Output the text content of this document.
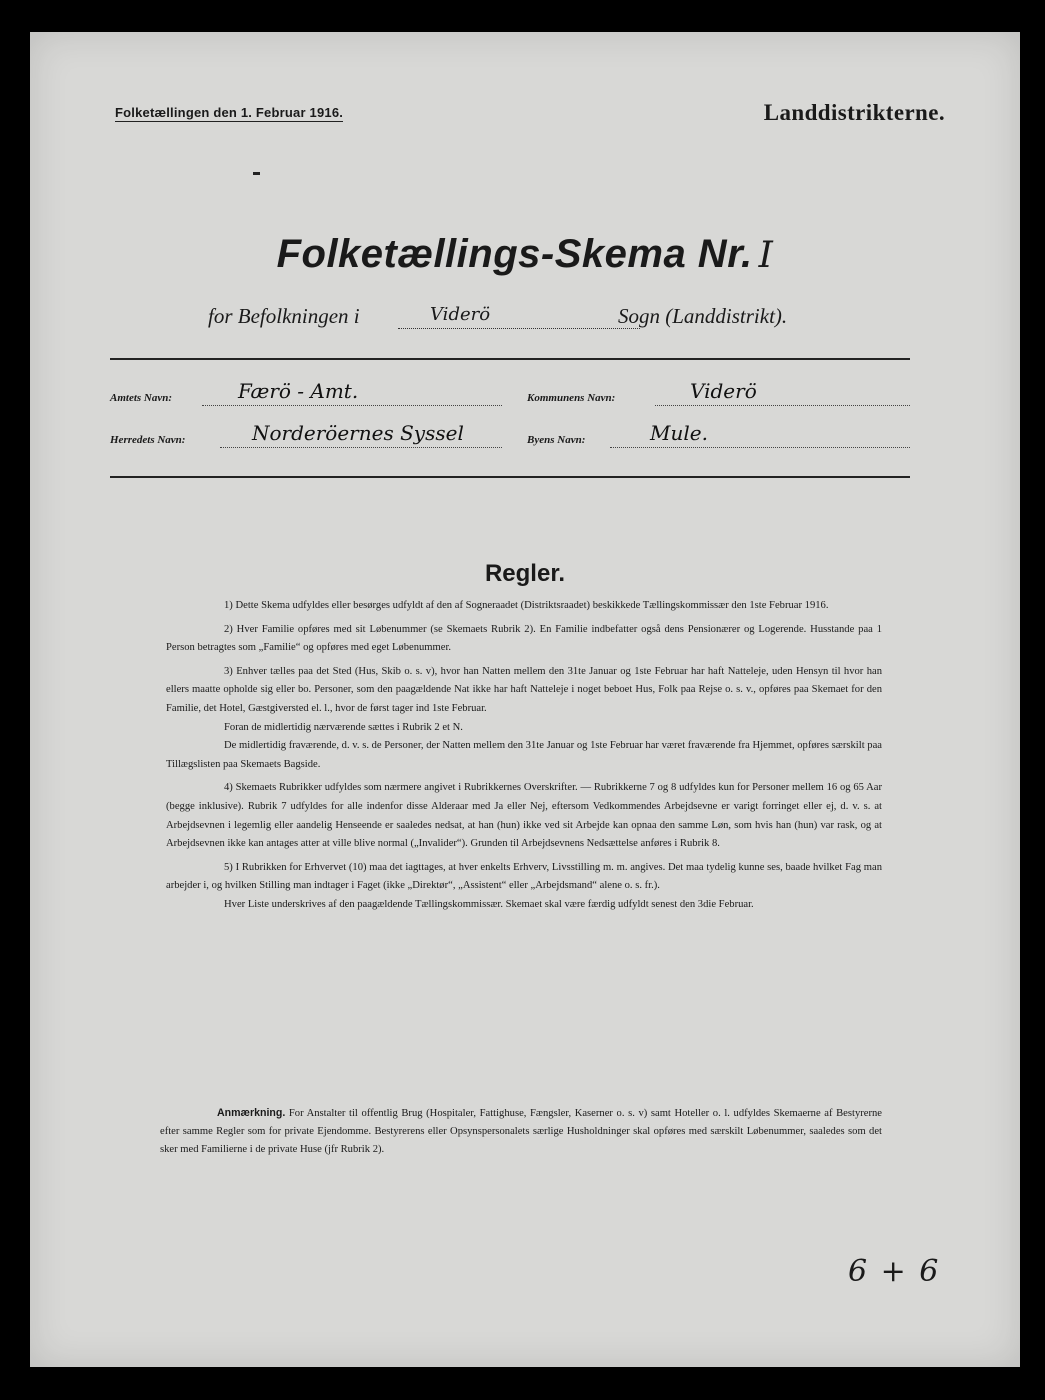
Folketællingen den 1. Februar 1916.	Landdistrikterne.
Folketællings-Skema Nr. I
for Befolkningen i	Viderö	Sogn (Landdistrikt).
Amtets Navn:	Færö - Amt.	Kommunens Navn:	Viderö
Herredets Navn:	Norderöernes Syssel	Byens Navn:	Mule.
Regler.

1) Dette Skema udfyldes eller besørges udfyldt af den af Sogneraadet (Distriktsraadet) beskikkede Tællingskommissær den 1ste Februar 1916.

2) Hver Familie opføres med sit Løbenummer (se Skemaets Rubrik 2). En Familie indbefatter også dens Pensionærer og Logerende. Husstande paa 1 Person betragtes som „Familie“ og opføres med eget Løbenummer.

3) Enhver tælles paa det Sted (Hus, Skib o. s. v), hvor han Natten mellem den 31te Januar og 1ste Februar har haft Natteleje, uden Hensyn til hvor han ellers maatte opholde sig eller bo. Personer, som den paagældende Nat ikke har haft Natteleje i noget beboet Hus, Folk paa Rejse o. s. v., opføres paa Skemaet for den Familie, det Hotel, Gæstgiversted el. l., hvor de først tager ind 1ste Februar.

Foran de midlertidig nærværende sættes i Rubrik 2 et N.

De midlertidig fraværende, d. v. s. de Personer, der Natten mellem den 31te Januar og 1ste Februar har været fraværende fra Hjemmet, opføres særskilt paa Tillægslisten paa Skemaets Bagside.

4) Skemaets Rubrikker udfyldes som nærmere angivet i Rubrikkernes Overskrifter. — Rubrikkerne 7 og 8 udfyldes kun for Personer mellem 16 og 65 Aar (begge inklusive). Rubrik 7 udfyldes for alle indenfor disse Alderaar med Ja eller Nej, eftersom Vedkommendes Arbejdsevne er varigt forringet eller ej, d. v. s. at Arbejdsevnen i legemlig eller aandelig Henseende er saaledes nedsat, at han (hun) ikke ved sit Arbejde kan opnaa den samme Løn, som hvis han (hun) var rask, og at Arbejdsevnen ikke kan antages atter at ville blive normal („Invalider“). Grunden til Arbejdsevnens Nedsættelse anføres i Rubrik 8.

5) I Rubrikken for Erhvervet (10) maa det iagttages, at hver enkelts Erhverv, Livsstilling m. m. angives. Det maa tydelig kunne ses, baade hvilket Fag man arbejder i, og hvilken Stilling man indtager i Faget (ikke „Direktør“, „Assistent“ eller „Arbejdsmand“ alene o. s. fr.).

Hver Liste underskrives af den paagældende Tællingskommissær. Skemaet skal være færdig udfyldt senest den 3die Februar.

Anmærkning. For Anstalter til offentlig Brug (Hospitaler, Fattighuse, Fængsler, Kaserner o. s. v) samt Hoteller o. l. udfyldes Skemaerne af Bestyrerne efter samme Regler som for private Ejendomme. Bestyrerens eller Opsynspersonalets særlige Husholdninger skal opføres med særskilt Løbenummer, saaledes som det sker med Familierne i de private Huse (jfr Rubrik 2).
6 + 6
